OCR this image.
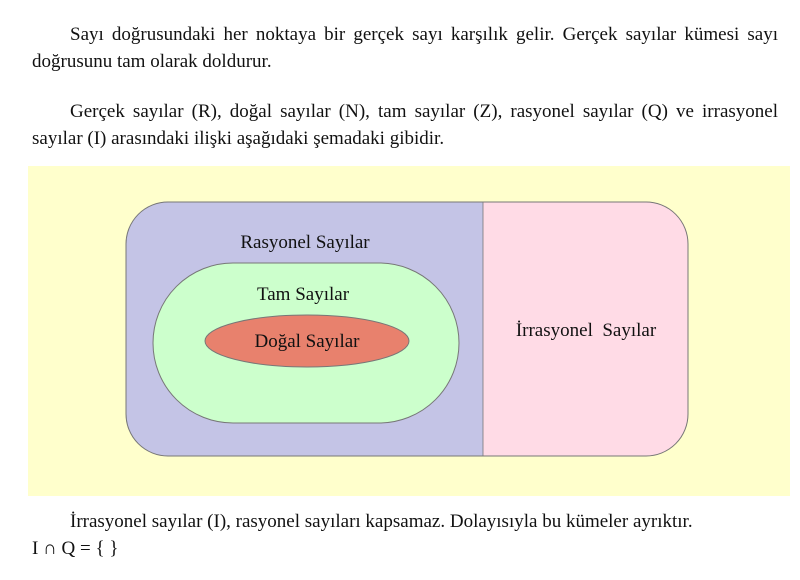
Sayı doğrusundaki her noktaya bir gerçek sayı karşılık gelir. Gerçek sayılar kümesi sayı doğrusunu tam olarak doldurur.

Gerçek sayılar (R), doğal sayılar (N), tam sayılar (Z), rasyonel sayılar (Q) ve irrasyonel sayılar (I) arasındaki ilişki aşağıdaki şemadaki gibidir.

Rasyonel Sayılar
Tam Sayılar
Doğal Sayılar
İrrasyonel  Sayılar

İrrasyonel sayılar (I), rasyonel sayıları kapsamaz. Dolayısıyla bu kümeler ayrıktır.

I ∩ Q = { }
